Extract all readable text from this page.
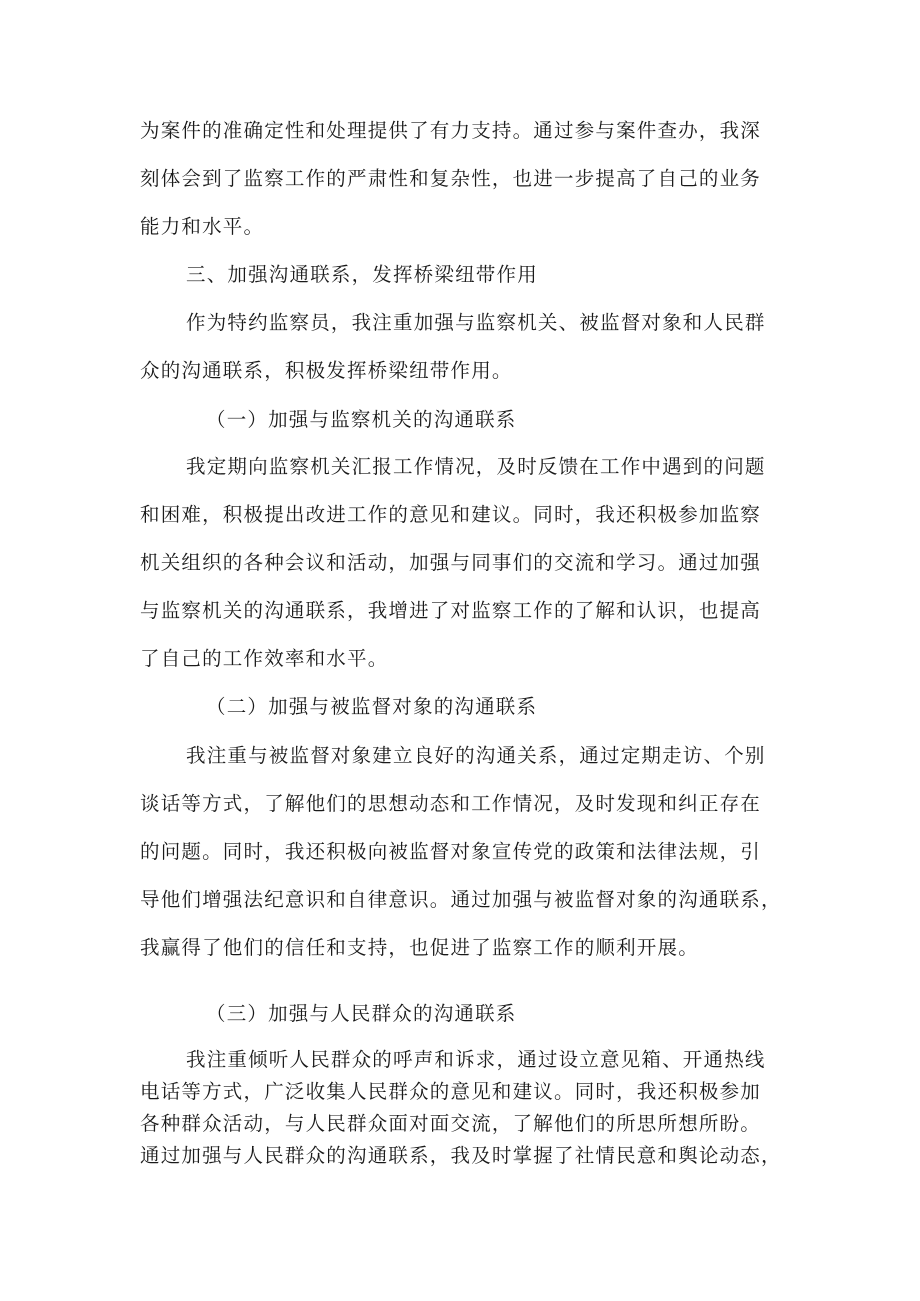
为案件的准确定性和处理提供了有力支持。通过参与案件查办，我深
刻体会到了监察工作的严肃性和复杂性，也进一步提高了自己的业务
能力和水平。
三、加强沟通联系，发挥桥梁纽带作用
作为特约监察员，我注重加强与监察机关、被监督对象和人民群
众的沟通联系，积极发挥桥梁纽带作用。
（一）加强与监察机关的沟通联系
我定期向监察机关汇报工作情况，及时反馈在工作中遇到的问题
和困难，积极提出改进工作的意见和建议。同时，我还积极参加监察
机关组织的各种会议和活动，加强与同事们的交流和学习。通过加强
与监察机关的沟通联系，我增进了对监察工作的了解和认识，也提高
了自己的工作效率和水平。
（二）加强与被监督对象的沟通联系
我注重与被监督对象建立良好的沟通关系，通过定期走访、个别
谈话等方式，了解他们的思想动态和工作情况，及时发现和纠正存在
的问题。同时，我还积极向被监督对象宣传党的政策和法律法规，引
导他们增强法纪意识和自律意识。通过加强与被监督对象的沟通联系，
我赢得了他们的信任和支持，也促进了监察工作的顺利开展。
（三）加强与人民群众的沟通联系
我注重倾听人民群众的呼声和诉求，通过设立意见箱、开通热线
电话等方式，广泛收集人民群众的意见和建议。同时，我还积极参加
各种群众活动，与人民群众面对面交流，了解他们的所思所想所盼。
通过加强与人民群众的沟通联系，我及时掌握了社情民意和舆论动态，
